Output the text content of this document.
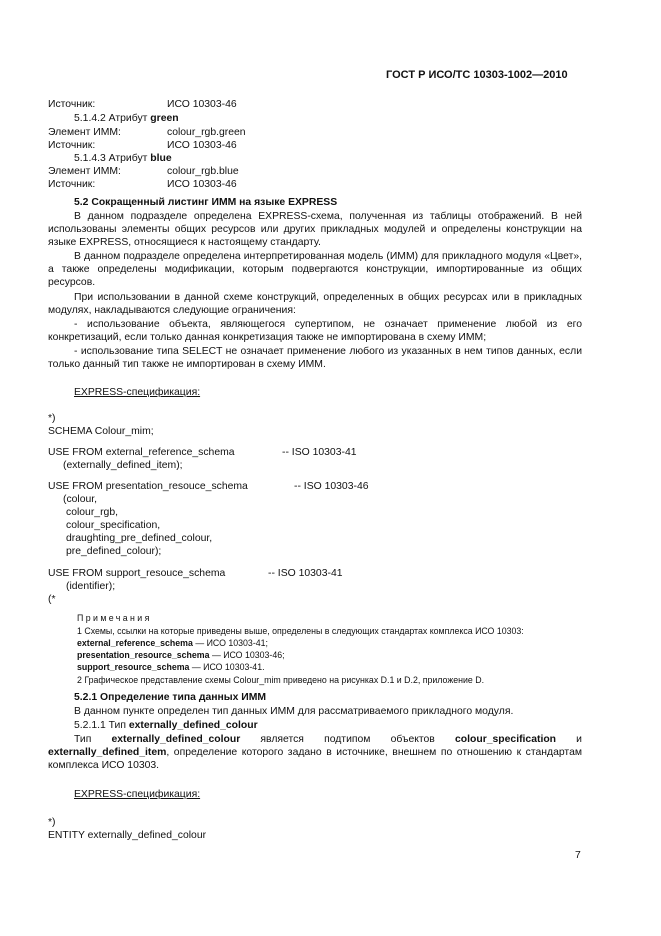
ГОСТ Р ИСО/ТС 10303-1002—2010
Источник:	ИСО 10303-46
5.1.4.2 Атрибут green
Элемент ИММ:	colour_rgb.green
Источник:	ИСО 10303-46
5.1.4.3 Атрибут blue
Элемент ИММ:	colour_rgb.blue
Источник:	ИСО 10303-46
5.2 Сокращенный листинг ИММ на языке EXPRESS
В данном подразделе определена EXPRESS-схема, полученная из таблицы отображений. В ней использованы элементы общих ресурсов или других прикладных модулей и определены конструкции на языке EXPRESS, относящиеся к настоящему стандарту.
В данном подразделе определена интерпретированная модель (ИММ) для прикладного модуля «Цвет», а также определены модификации, которым подвергаются конструкции, импортированные из общих ресурсов.
При использовании в данной схеме конструкций, определенных в общих ресурсах или в прикладных модулях, накладываются следующие ограничения:
- использование объекта, являющегося супертипом, не означает применение любой из его конкретизаций, если только данная конкретизация также не импортирована в схему ИММ;
- использование типа SELECT не означает применение любого из указанных в нем типов данных, если только данный тип также не импортирован в схему ИММ.
EXPRESS-спецификация:
*)
SCHEMA Colour_mim;
USE FROM external_reference_schema	-- ISO 10303-41
(externally_defined_item);
USE FROM presentation_resouce_schema	-- ISO 10303-46
(colour,
colour_rgb,
colour_specification,
draughting_pre_defined_colour,
pre_defined_colour);
USE FROM support_resouce_schema	-- ISO 10303-41
(identifier);
(*
Примечания
1 Схемы, ссылки на которые приведены выше, определены в следующих стандартах комплекса ИСО 10303:
external_reference_schema — ИСО 10303-41;
presentation_resource_schema — ИСО 10303-46;
support_resource_schema — ИСО 10303-41.
2 Графическое представление схемы Colour_mim приведено на рисунках D.1 и D.2, приложение D.
5.2.1 Определение типа данных ИММ
В данном пункте определен тип данных ИММ для рассматриваемого прикладного модуля.
5.2.1.1 Тип externally_defined_colour
Тип externally_defined_colour является подтипом объектов colour_specification и externally_defined_item, определение которого задано в источнике, внешнем по отношению к стандартам комплекса ИСО 10303.
EXPRESS-спецификация:
*)
ENTITY externally_defined_colour
7
